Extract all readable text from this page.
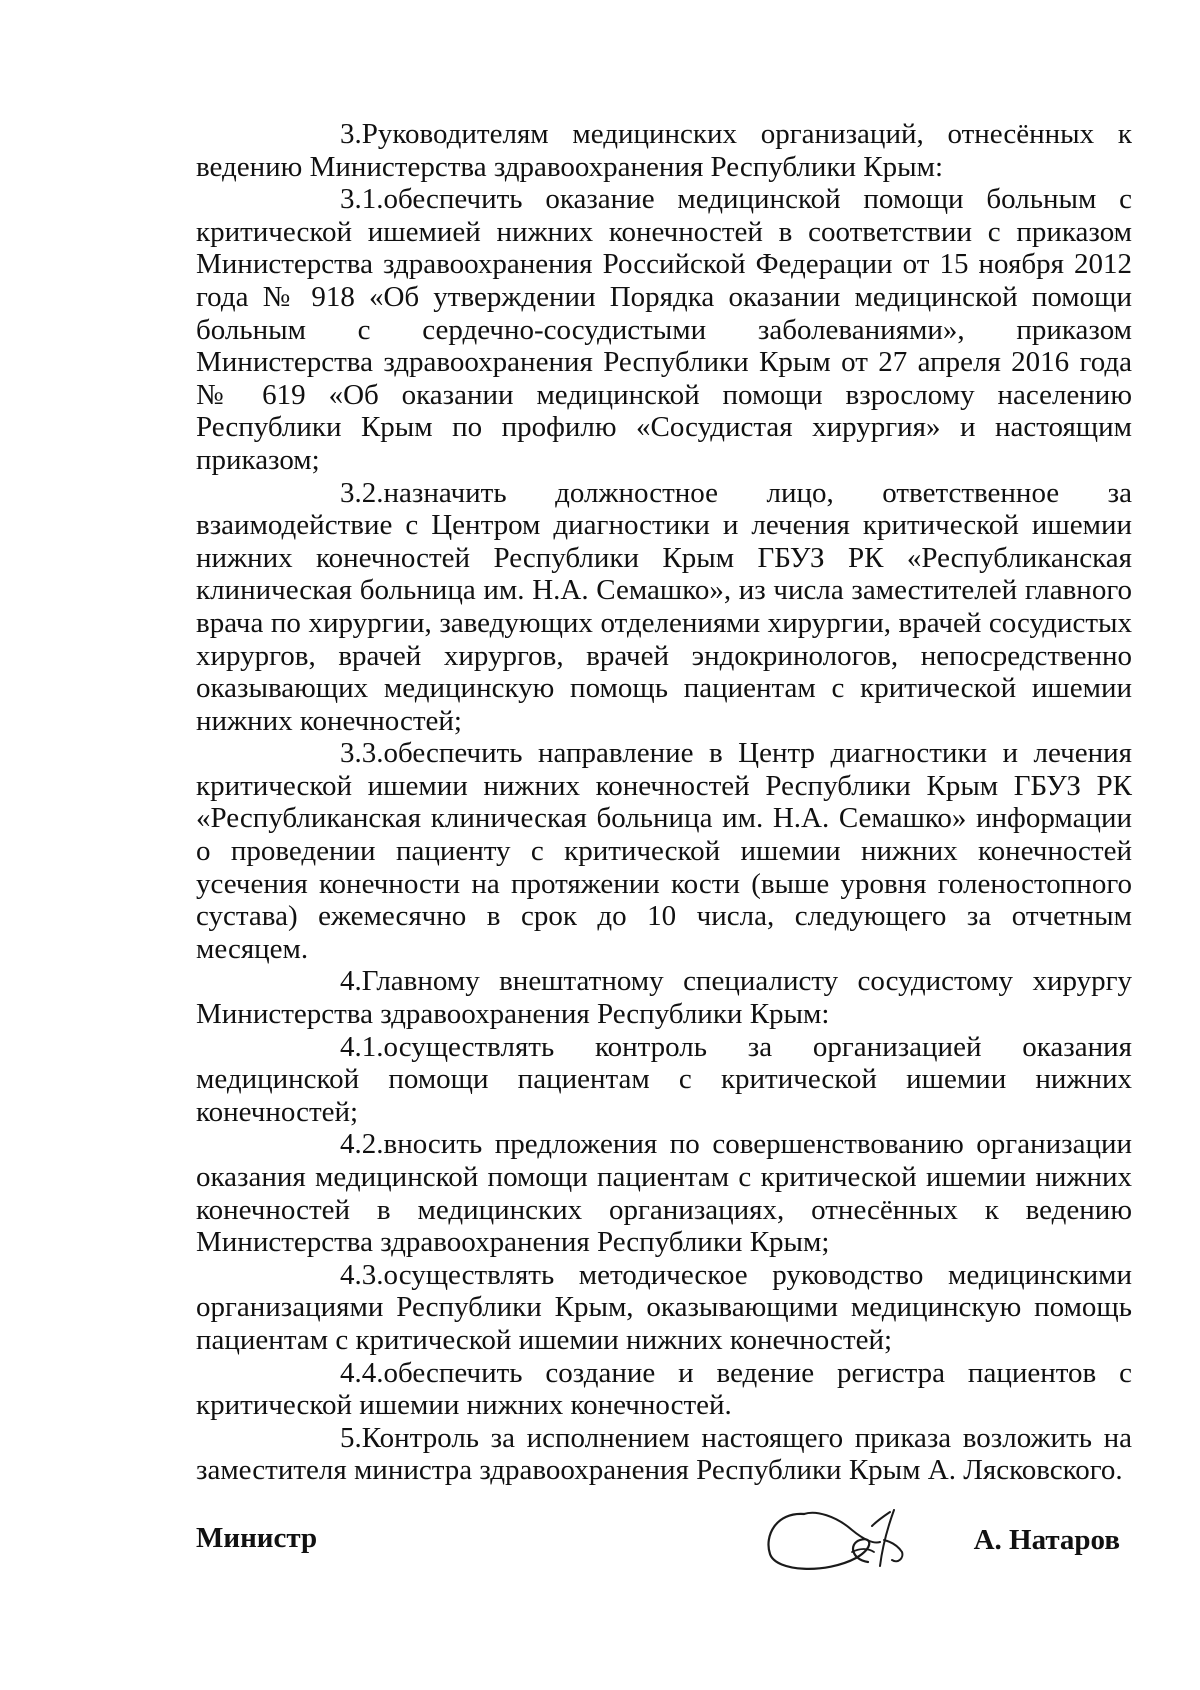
3.Руководителям медицинских организаций, отнесённых к ведению Министерства здравоохранения Республики Крым:

3.1.обеспечить оказание медицинской помощи больным с критической ишемией нижних конечностей в соответствии с приказом Министерства здравоохранения Российской Федерации от 15 ноября 2012 года № 918 «Об утверждении Порядка оказании медицинской помощи больным с сердечно-сосудистыми заболеваниями», приказом Министерства здравоохранения Республики Крым от 27 апреля 2016 года № 619 «Об оказании медицинской помощи взрослому населению Республики Крым по профилю «Сосудистая хирургия» и настоящим приказом;

3.2.назначить должностное лицо, ответственное за взаимодействие с Центром диагностики и лечения критической ишемии нижних конечностей Республики Крым ГБУЗ РК «Республиканская клиническая больница им. Н.А. Семашко», из числа заместителей главного врача по хирургии, заведующих отделениями хирургии, врачей сосудистых хирургов, врачей хирургов, врачей эндокринологов, непосредственно оказывающих медицинскую помощь пациентам с критической ишемии нижних конечностей;

3.3.обеспечить направление в Центр диагностики и лечения критической ишемии нижних конечностей Республики Крым ГБУЗ РК «Республиканская клиническая больница им. Н.А. Семашко» информации о проведении пациенту с критической ишемии нижних конечностей усечения конечности на протяжении кости (выше уровня голеностопного сустава) ежемесячно в срок до 10 числа, следующего за отчетным месяцем.

4.Главному внештатному специалисту сосудистому хирургу Министерства здравоохранения Республики Крым:

4.1.осуществлять контроль за организацией оказания медицинской помощи пациентам с критической ишемии нижних конечностей;

4.2.вносить предложения по совершенствованию организации оказания медицинской помощи пациентам с критической ишемии нижних конечностей в медицинских организациях, отнесённых к ведению Министерства здравоохранения Республики Крым;

4.3.осуществлять методическое руководство медицинскими организациями Республики Крым, оказывающими медицинскую помощь пациентам с критической ишемии нижних конечностей;

4.4.обеспечить создание и ведение регистра пациентов с критической ишемии нижних конечностей.

5.Контроль за исполнением настоящего приказа возложить на заместителя министра здравоохранения Республики Крым А. Лясковского.

Министр	А. Натаров
